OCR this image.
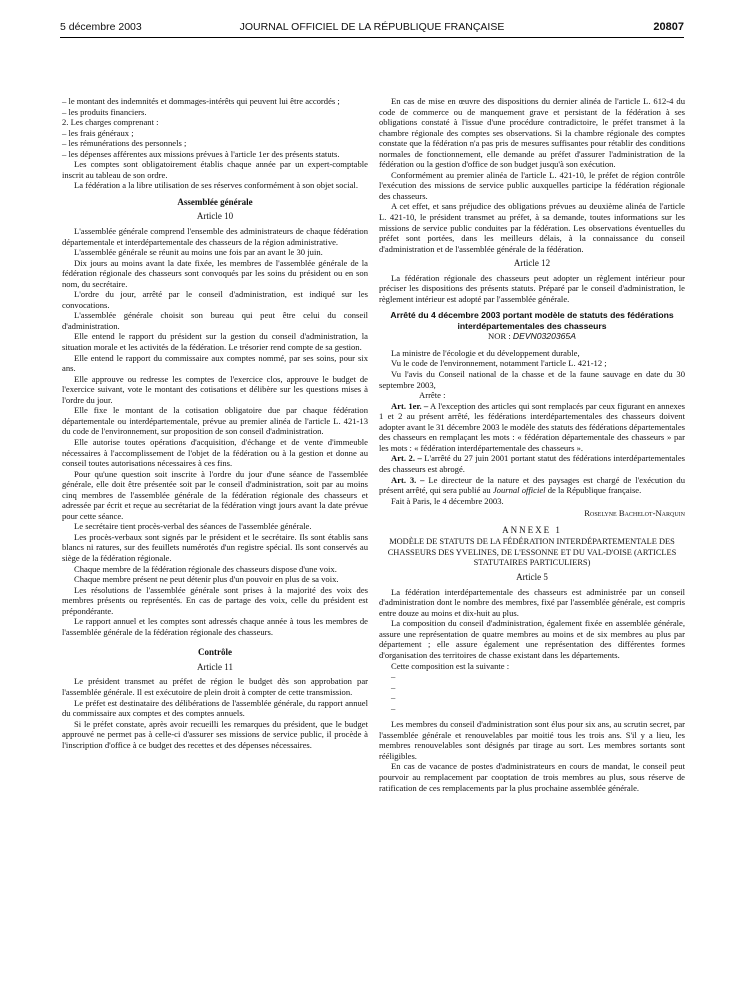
5 décembre 2003	JOURNAL OFFICIEL DE LA RÉPUBLIQUE FRANÇAISE	20807

– le montant des indemnités et dommages-intérêts qui peuvent lui être accordés ;

– les produits financiers.

2. Les charges comprenant :

– les frais généraux ;

– les rémunérations des personnels ;

– les dépenses afférentes aux missions prévues à l'article 1er des présents statuts.

Les comptes sont obligatoirement établis chaque année par un expert-comptable inscrit au tableau de son ordre.

La fédération a la libre utilisation de ses réserves conformément à son objet social.

Assemblée générale
Article 10

L'assemblée générale comprend l'ensemble des administrateurs de chaque fédération départementale et interdépartementale des chasseurs de la région administrative.

L'assemblée générale se réunit au moins une fois par an avant le 30 juin.

Dix jours au moins avant la date fixée, les membres de l'assemblée générale de la fédération régionale des chasseurs sont convoqués par les soins du président ou en son nom, du secrétaire.

L'ordre du jour, arrêté par le conseil d'administration, est indiqué sur les convocations.

L'assemblée générale choisit son bureau qui peut être celui du conseil d'administration.

Elle entend le rapport du président sur la gestion du conseil d'administration, la situation morale et les activités de la fédération. Le trésorier rend compte de sa gestion.

Elle entend le rapport du commissaire aux comptes nommé, par ses soins, pour six ans.

Elle approuve ou redresse les comptes de l'exercice clos, approuve le budget de l'exercice suivant, vote le montant des cotisations et délibère sur les questions mises à l'ordre du jour.

Elle fixe le montant de la cotisation obligatoire due par chaque fédération départementale ou interdépartementale, prévue au premier alinéa de l'article L. 421-13 du code de l'environnement, sur proposition de son conseil d'administration.

Elle autorise toutes opérations d'acquisition, d'échange et de vente d'immeuble nécessaires à l'accomplissement de l'objet de la fédération ou à la gestion et donne au conseil toutes autorisations nécessaires à ces fins.

Pour qu'une question soit inscrite à l'ordre du jour d'une séance de l'assemblée générale, elle doit être présentée soit par le conseil d'administration, soit par au moins cinq membres de l'assemblée générale de la fédération régionale des chasseurs et adressée par écrit et reçue au secrétariat de la fédération vingt jours avant la date prévue pour cette séance.

Le secrétaire tient procès-verbal des séances de l'assemblée générale.

Les procès-verbaux sont signés par le président et le secrétaire. Ils sont établis sans blancs ni ratures, sur des feuillets numérotés d'un registre spécial. Ils sont conservés au siège de la fédération régionale.

Chaque membre de la fédération régionale des chasseurs dispose d'une voix.

Chaque membre présent ne peut détenir plus d'un pouvoir en plus de sa voix.

Les résolutions de l'assemblée générale sont prises à la majorité des voix des membres présents ou représentés. En cas de partage des voix, celle du président est prépondérante.

Le rapport annuel et les comptes sont adressés chaque année à tous les membres de l'assemblée générale de la fédération régionale des chasseurs.

Contrôle
Article 11

Le président transmet au préfet de région le budget dès son approbation par l'assemblée générale. Il est exécutoire de plein droit à compter de cette transmission.

Le préfet est destinataire des délibérations de l'assemblée générale, du rapport annuel du commissaire aux comptes et des comptes annuels.

Si le préfet constate, après avoir recueilli les remarques du président, que le budget approuvé ne permet pas à celle-ci d'assurer ses missions de service public, il procède à l'inscription d'office à ce budget des recettes et des dépenses nécessaires.

En cas de mise en œuvre des dispositions du dernier alinéa de l'article L. 612-4 du code de commerce ou de manquement grave et persistant de la fédération à ses obligations constaté à l'issue d'une procédure contradictoire, le préfet transmet à la chambre régionale des comptes ses observations. Si la chambre régionale des comptes constate que la fédération n'a pas pris de mesures suffisantes pour rétablir des conditions normales de fonctionnement, elle demande au préfet d'assurer l'administration de la fédération ou la gestion d'office de son budget jusqu'à son exécution.

Conformément au premier alinéa de l'article L. 421-10, le préfet de région contrôle l'exécution des missions de service public auxquelles participe la fédération régionale des chasseurs.

A cet effet, et sans préjudice des obligations prévues au deuxième alinéa de l'article L. 421-10, le président transmet au préfet, à sa demande, toutes informations sur les missions de service public conduites par la fédération. Les observations éventuelles du préfet sont portées, dans les meilleurs délais, à la connaissance du conseil d'administration et de l'assemblée générale de la fédération.

Article 12

La fédération régionale des chasseurs peut adopter un règlement intérieur pour préciser les dispositions des présents statuts. Préparé par le conseil d'administration, le règlement intérieur est adopté par l'assemblée générale.

Arrêté du 4 décembre 2003 portant modèle de statuts des fédérations interdépartementales des chasseurs
NOR : DEVN0320365A

La ministre de l'écologie et du développement durable,

Vu le code de l'environnement, notamment l'article L. 421-12 ;

Vu l'avis du Conseil national de la chasse et de la faune sauvage en date du 30 septembre 2003,

Arrête :

Art. 1er. – A l'exception des articles qui sont remplacés par ceux figurant en annexes 1 et 2 au présent arrêté, les fédérations interdépartementales des chasseurs doivent adopter avant le 31 décembre 2003 le modèle des statuts des fédérations départementales des chasseurs en remplaçant les mots : « fédération départementale des chasseurs » par les mots : « fédération interdépartementale des chasseurs ».

Art. 2. – L'arrêté du 27 juin 2001 portant statut des fédérations interdépartementales des chasseurs est abrogé.

Art. 3. – Le directeur de la nature et des paysages est chargé de l'exécution du présent arrêté, qui sera publié au Journal officiel de la République française.

Fait à Paris, le 4 décembre 2003.

Roselyne Bachelot-Narquin
ANNEXE 1
MODÈLE DE STATUTS DE LA FÉDÉRATION INTERDÉPARTEMENTALE DES CHASSEURS DES YVELINES, DE L'ESSONNE ET DU VAL-D'OISE (ARTICLES STATUTAIRES PARTICULIERS)
Article 5

La fédération interdépartementale des chasseurs est administrée par un conseil d'administration dont le nombre des membres, fixé par l'assemblée générale, est compris entre douze au moins et dix-huit au plus.

La composition du conseil d'administration, également fixée en assemblée générale, assure une représentation de quatre membres au moins et de six membres au plus par département ; elle assure également une représentation des différentes formes d'organisation des territoires de chasse existant dans les départements.

Cette composition est la suivante :

–

–

–

–

Les membres du conseil d'administration sont élus pour six ans, au scrutin secret, par l'assemblée générale et renouvelables par moitié tous les trois ans. S'il y a lieu, les membres renouvelables sont désignés par tirage au sort. Les membres sortants sont rééligibles.

En cas de vacance de postes d'administrateurs en cours de mandat, le conseil peut pourvoir au remplacement par cooptation de trois membres au plus, sous réserve de ratification de ces remplacements par la plus prochaine assemblée générale.
